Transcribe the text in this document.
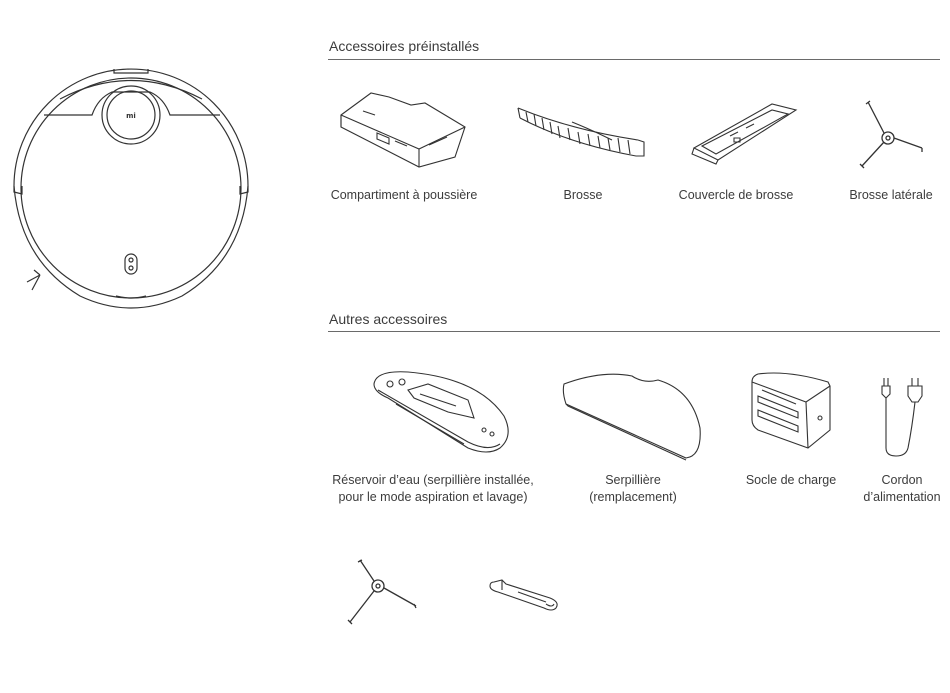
mi
Accessoires préinstallés
Compartiment à poussière	Brosse	Couvercle de brosse	Brosse latérale
Autres accessoires
Réservoir d’eau (serpillière installée,
pour le mode aspiration et lavage)
Serpillière
(remplacement)
Socle de charge	Cordon
d’alimentation
